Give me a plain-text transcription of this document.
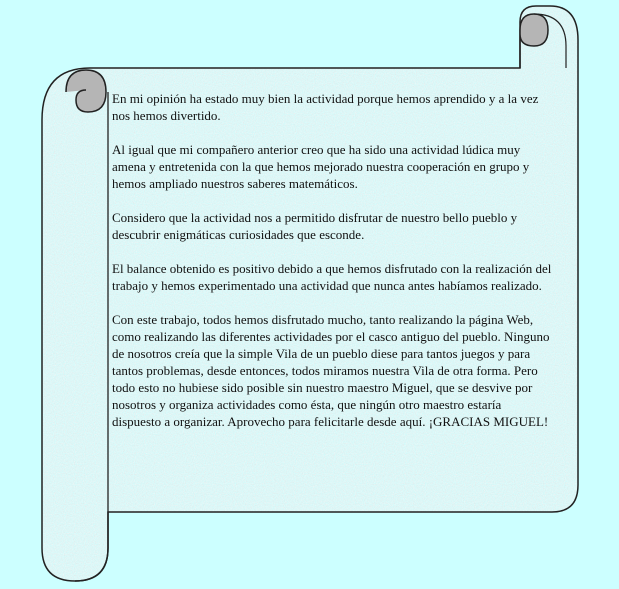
En mi opinión ha estado muy bien la actividad porque hemos aprendido y a la vez nos hemos divertido.

Al igual que mi compañero anterior creo que ha sido una actividad lúdica muy amena y entretenida con la que hemos mejorado nuestra cooperación en grupo y hemos ampliado nuestros saberes matemáticos.

Considero que la actividad nos a permitido disfrutar de nuestro bello pueblo y descubrir enigmáticas curiosidades que esconde.

El balance obtenido es positivo debido a que hemos disfrutado con la realización del trabajo y hemos experimentado una actividad que nunca antes habíamos realizado.

Con este trabajo, todos hemos disfrutado mucho, tanto realizando la página Web, como realizando las diferentes actividades por el casco antiguo del pueblo. Ninguno de nosotros creía que la simple Vila de un pueblo diese para tantos juegos y para tantos problemas, desde entonces, todos miramos nuestra Vila de otra forma. Pero todo esto no hubiese sido posible sin nuestro maestro Miguel, que se desvive por nosotros y organiza actividades como ésta, que ningún otro maestro estaría dispuesto a organizar. Aprovecho para felicitarle desde aquí. ¡GRACIAS MIGUEL!
